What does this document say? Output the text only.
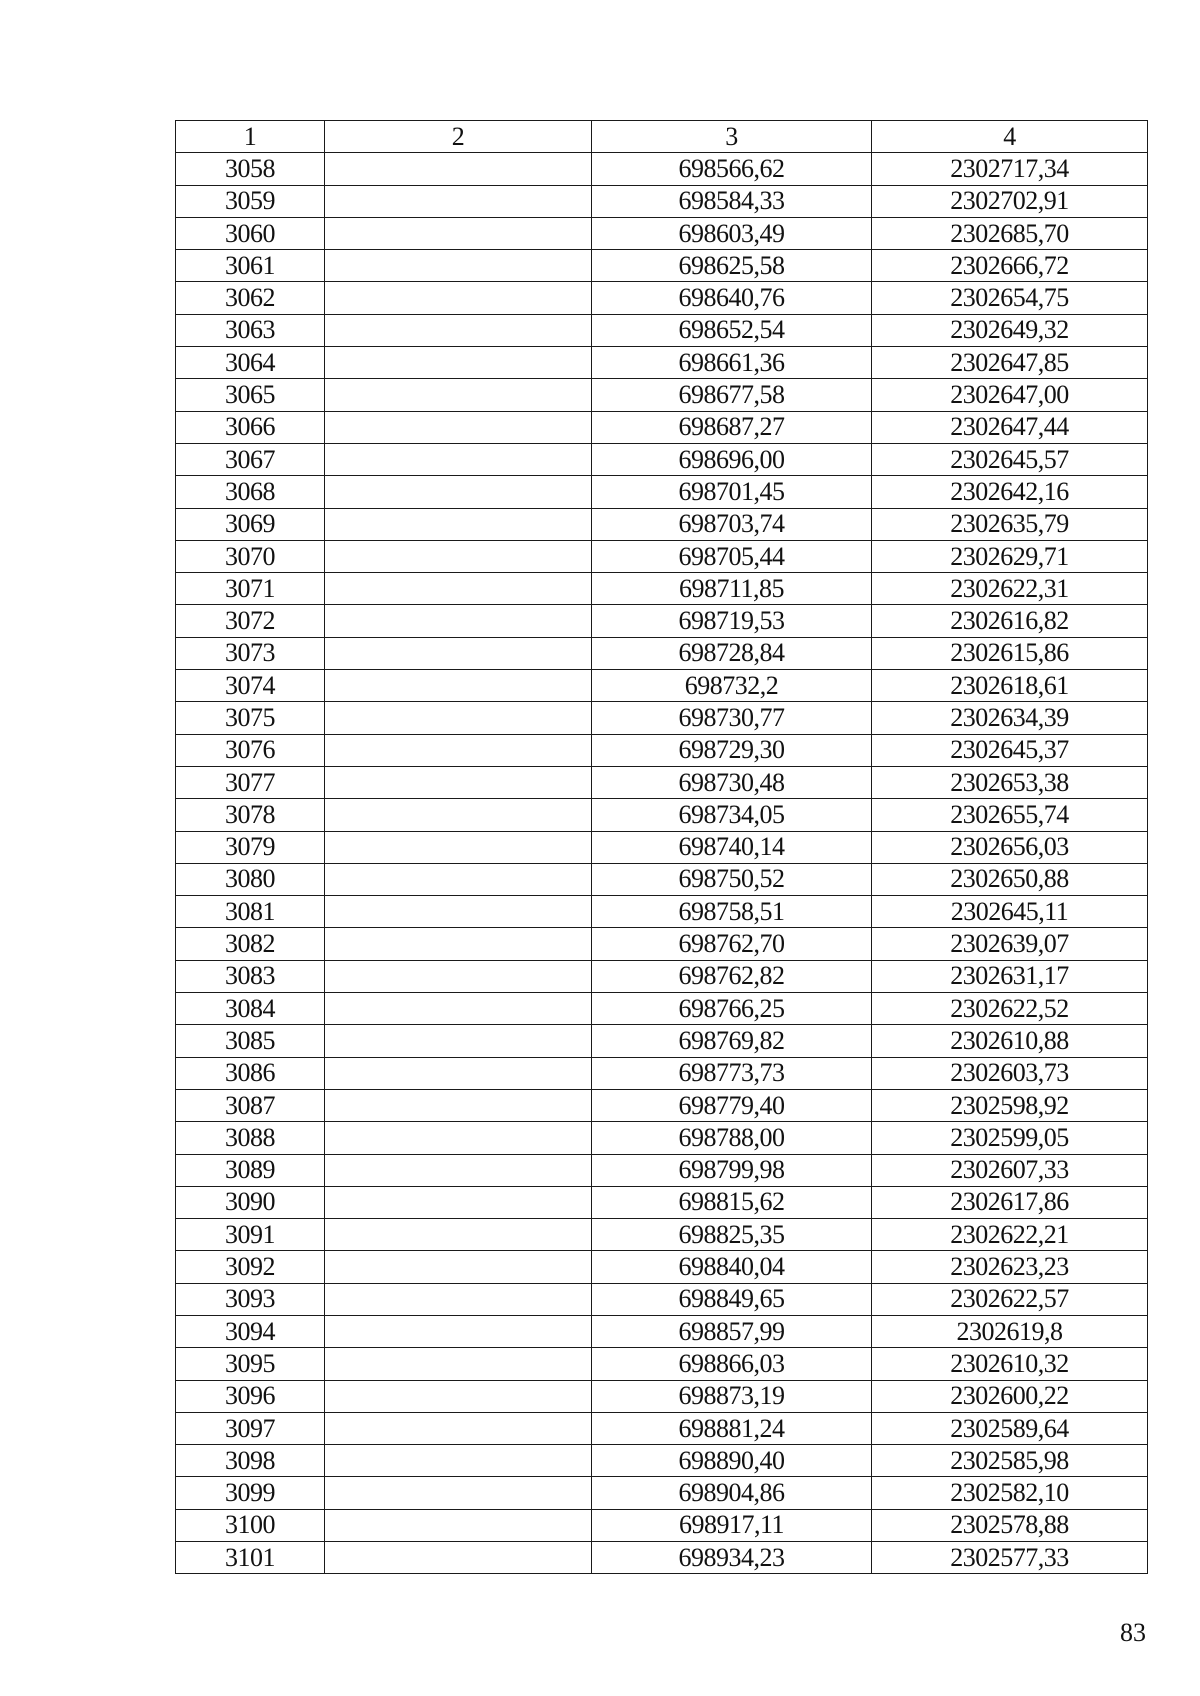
1	2	3	4
3058		698566,62	2302717,34
3059		698584,33	2302702,91
3060		698603,49	2302685,70
3061		698625,58	2302666,72
3062		698640,76	2302654,75
3063		698652,54	2302649,32
3064		698661,36	2302647,85
3065		698677,58	2302647,00
3066		698687,27	2302647,44
3067		698696,00	2302645,57
3068		698701,45	2302642,16
3069		698703,74	2302635,79
3070		698705,44	2302629,71
3071		698711,85	2302622,31
3072		698719,53	2302616,82
3073		698728,84	2302615,86
3074		698732,2	2302618,61
3075		698730,77	2302634,39
3076		698729,30	2302645,37
3077		698730,48	2302653,38
3078		698734,05	2302655,74
3079		698740,14	2302656,03
3080		698750,52	2302650,88
3081		698758,51	2302645,11
3082		698762,70	2302639,07
3083		698762,82	2302631,17
3084		698766,25	2302622,52
3085		698769,82	2302610,88
3086		698773,73	2302603,73
3087		698779,40	2302598,92
3088		698788,00	2302599,05
3089		698799,98	2302607,33
3090		698815,62	2302617,86
3091		698825,35	2302622,21
3092		698840,04	2302623,23
3093		698849,65	2302622,57
3094		698857,99	2302619,8
3095		698866,03	2302610,32
3096		698873,19	2302600,22
3097		698881,24	2302589,64
3098		698890,40	2302585,98
3099		698904,86	2302582,10
3100		698917,11	2302578,88
3101		698934,23	2302577,33
83
